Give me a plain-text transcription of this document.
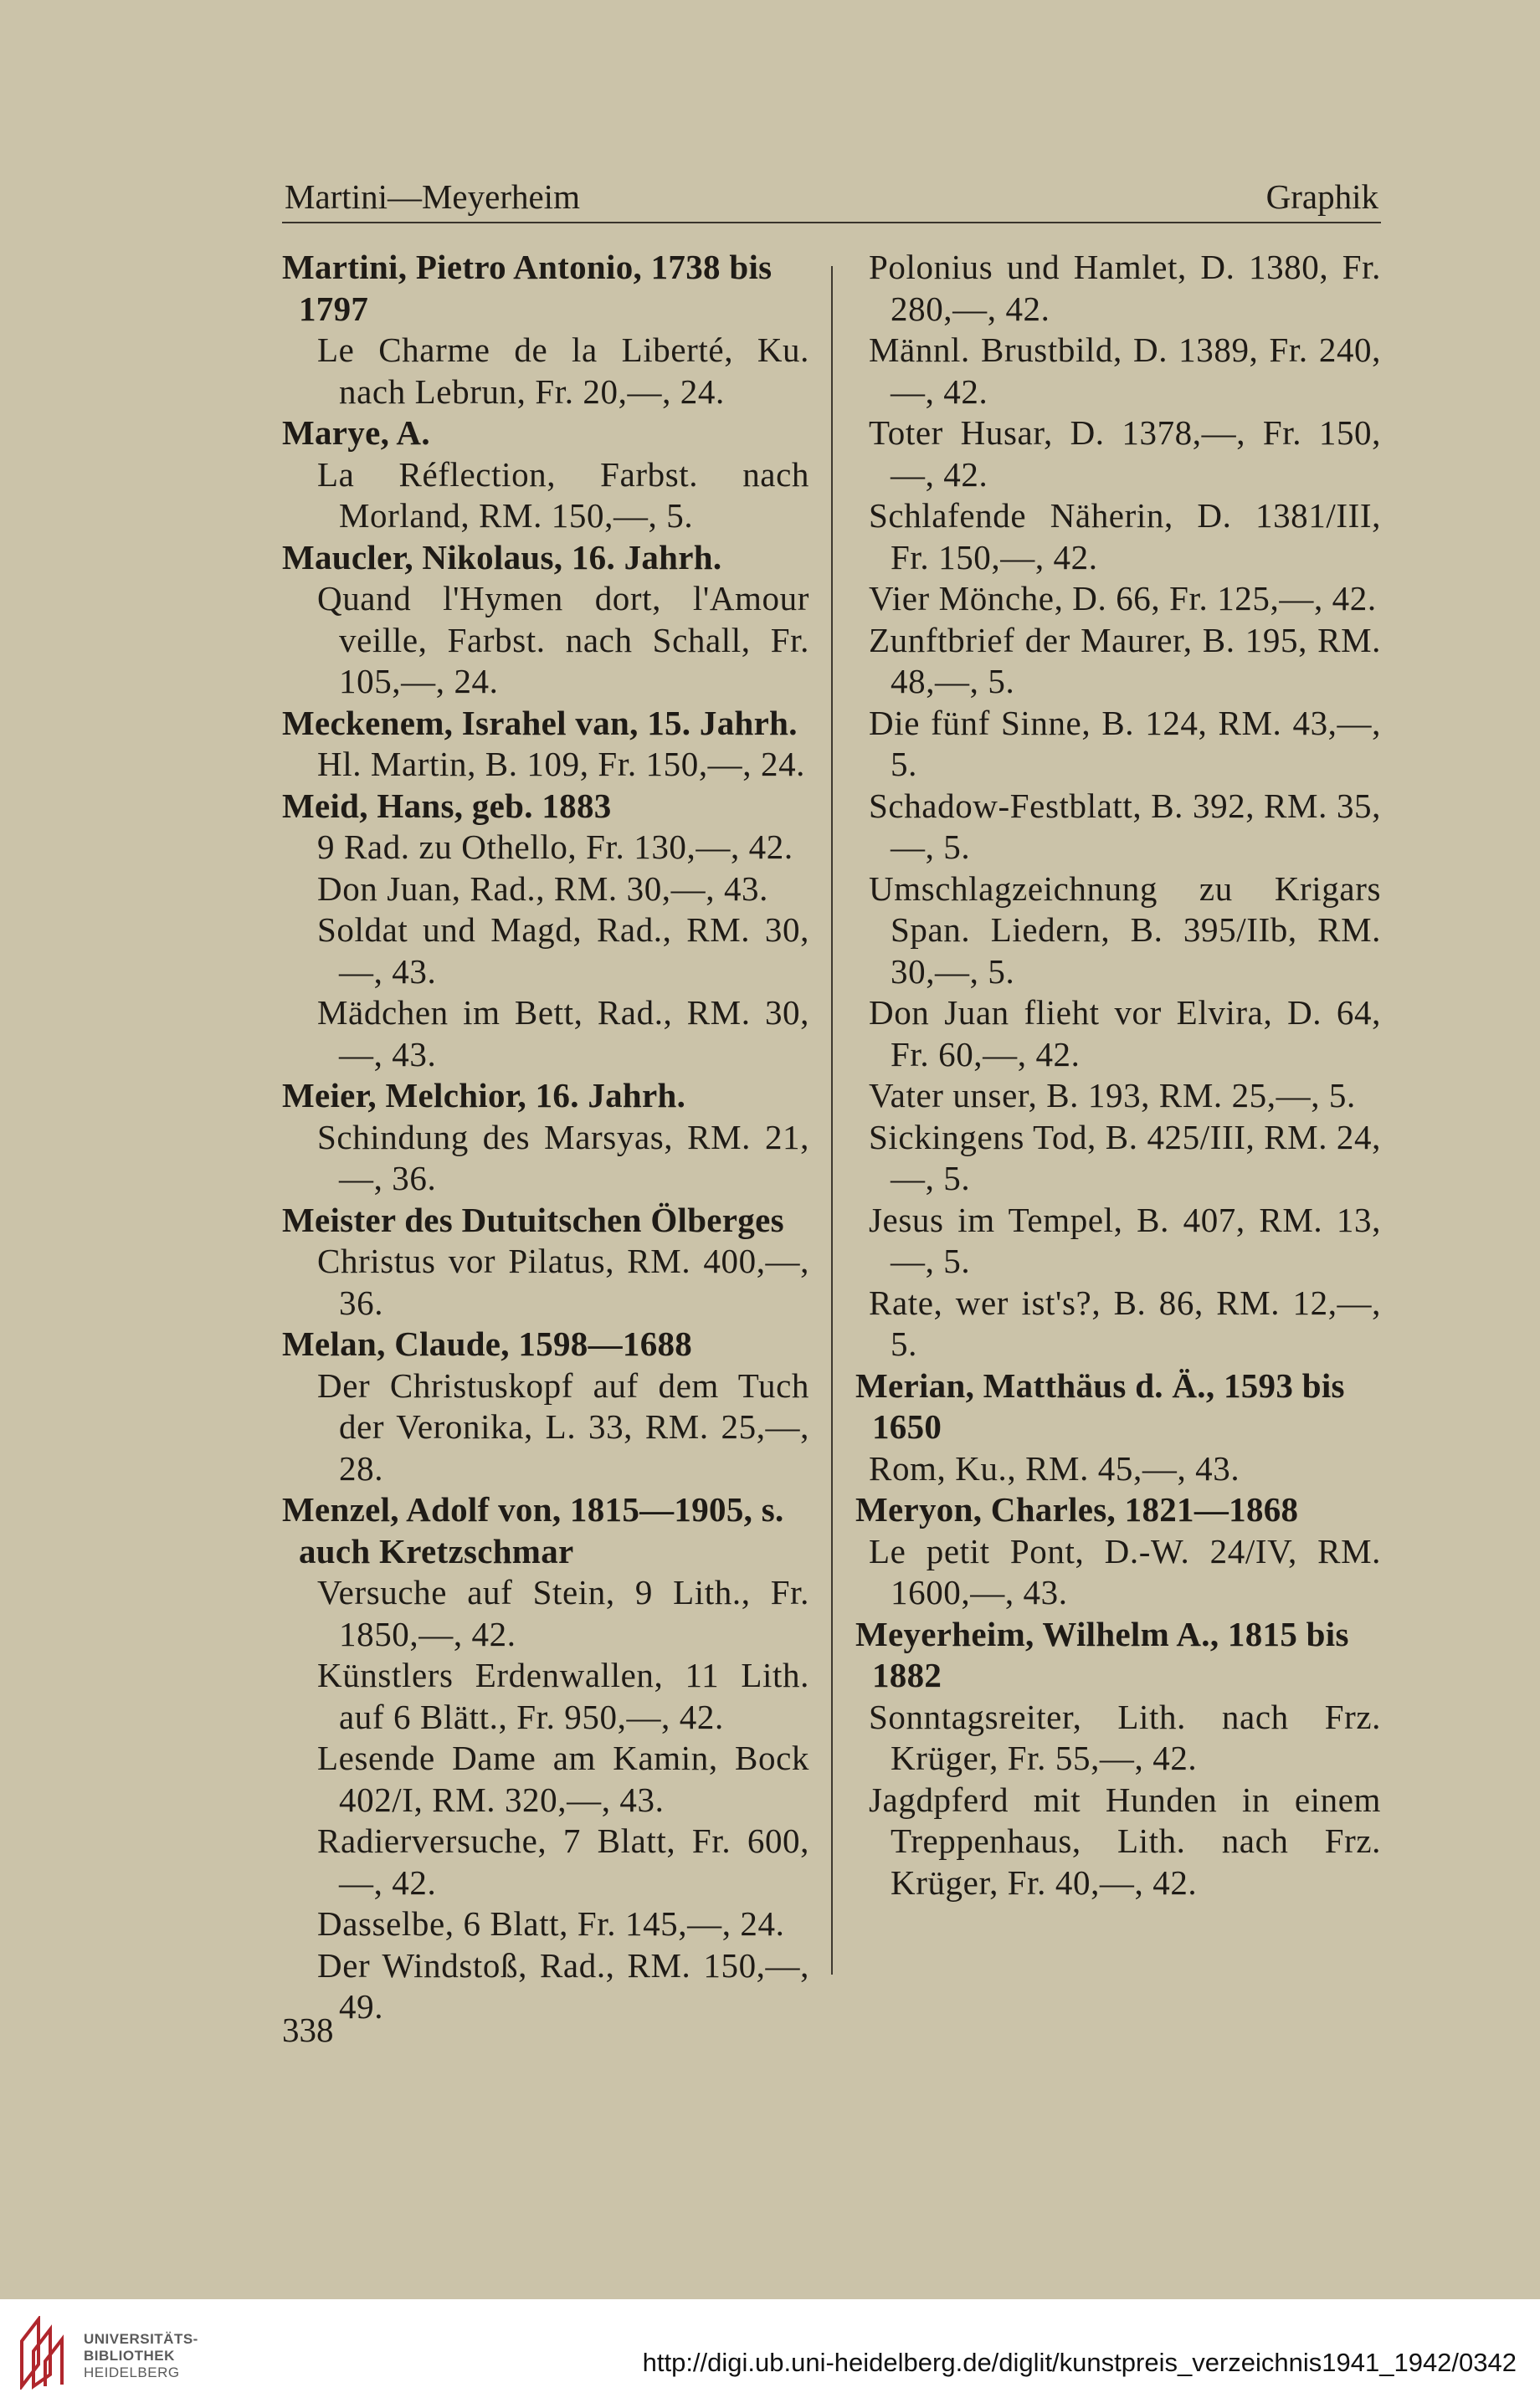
Martini—Meyerheim	Graphik

Martini, Pietro Antonio, 1738 bis 1797

Le Charme de la Liberté, Ku. nach Lebrun, Fr. 20,—, 24.

Marye, A.

La Réflection, Farbst. nach Morland, RM. 150,—, 5.

Maucler, Nikolaus, 16. Jahrh.

Quand l'Hymen dort, l'Amour veille, Farbst. nach Schall, Fr. 105,—, 24.

Meckenem, Israhel van, 15. Jahrh.

Hl. Martin, B. 109, Fr. 150,—, 24.

Meid, Hans, geb. 1883

9 Rad. zu Othello, Fr. 130,—, 42.

Don Juan, Rad., RM. 30,—, 43.

Soldat und Magd, Rad., RM. 30,—, 43.

Mädchen im Bett, Rad., RM. 30,—, 43.

Meier, Melchior, 16. Jahrh.

Schindung des Marsyas, RM. 21,—, 36.

Meister des Dutuitschen Ölberges

Christus vor Pilatus, RM. 400,—, 36.

Melan, Claude, 1598—1688

Der Christuskopf auf dem Tuch der Veronika, L. 33, RM. 25,—, 28.

Menzel, Adolf von, 1815—1905, s. auch Kretzschmar

Versuche auf Stein, 9 Lith., Fr. 1850,—, 42.

Künstlers Erdenwallen, 11 Lith. auf 6 Blätt., Fr. 950,—, 42.

Lesende Dame am Kamin, Bock 402/I, RM. 320,—, 43.

Radierversuche, 7 Blatt, Fr. 600,—, 42.

Dasselbe, 6 Blatt, Fr. 145,—, 24.

Der Windstoß, Rad., RM. 150,—, 49.

Polonius und Hamlet, D. 1380, Fr. 280,—, 42.

Männl. Brustbild, D. 1389, Fr. 240,—, 42.

Toter Husar, D. 1378,—, Fr. 150,—, 42.

Schlafende Näherin, D. 1381/III, Fr. 150,—, 42.

Vier Mönche, D. 66, Fr. 125,—, 42.

Zunftbrief der Maurer, B. 195, RM. 48,—, 5.

Die fünf Sinne, B. 124, RM. 43,—, 5.

Schadow-Festblatt, B. 392, RM. 35,—, 5.

Umschlagzeichnung zu Krigars Span. Liedern, B. 395/IIb, RM. 30,—, 5.

Don Juan flieht vor Elvira, D. 64, Fr. 60,—, 42.

Vater unser, B. 193, RM. 25,—, 5.

Sickingens Tod, B. 425/III, RM. 24,—, 5.

Jesus im Tempel, B. 407, RM. 13,—, 5.

Rate, wer ist's?, B. 86, RM. 12,—, 5.

Merian, Matthäus d. Ä., 1593 bis 1650

Rom, Ku., RM. 45,—, 43.

Meryon, Charles, 1821—1868

Le petit Pont, D.-W. 24/IV, RM. 1600,—, 43.

Meyerheim, Wilhelm A., 1815 bis 1882

Sonntagsreiter, Lith. nach Frz. Krüger, Fr. 55,—, 42.

Jagdpferd mit Hunden in einem Treppenhaus, Lith. nach Frz. Krüger, Fr. 40,—, 42.

338
UNIVERSITÄTS-
BIBLIOTHEK
HEIDELBERG	http://digi.ub.uni-heidelberg.de/diglit/kunstpreis_verzeichnis1941_1942/0342
